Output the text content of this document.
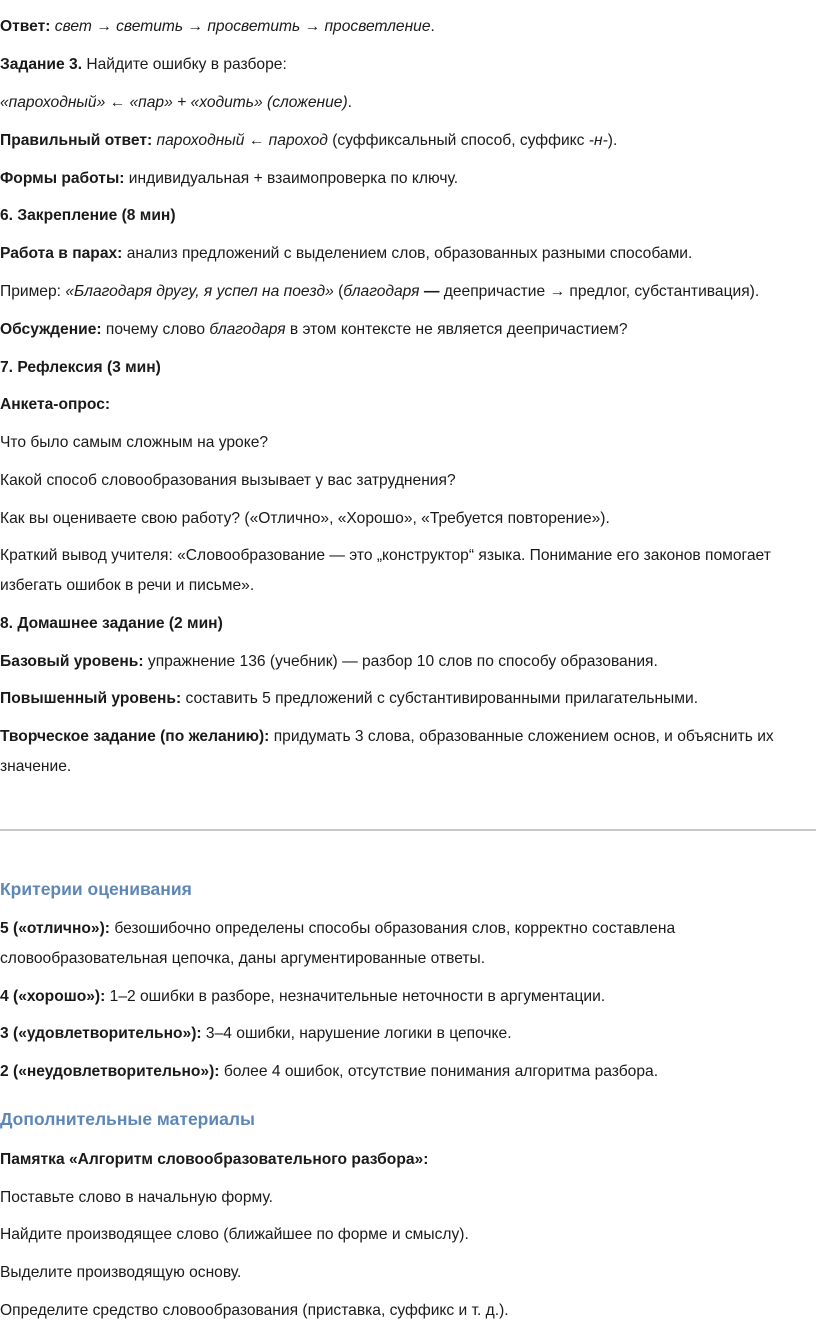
Ответ: свет → светить → просветить → просветление.

Задание 3. Найдите ошибку в разборе:

«пароходный» ← «пар» + «ходить» (сложение).

Правильный ответ: пароходный ← пароход (суффиксальный способ, суффикс -н-).

Формы работы: индивидуальная + взаимопроверка по ключу.

6. Закрепление (8 мин)

Работа в парах: анализ предложений с выделением слов, образованных разными способами.

Пример: «Благодаря другу, я успел на поезд» (благодаря — деепричастие → предлог, субстантивация).

Обсуждение: почему слово благодаря в этом контексте не является деепричастием?

7. Рефлексия (3 мин)

Анкета-опрос:

Что было самым сложным на уроке?

Какой способ словообразования вызывает у вас затруднения?

Как вы оцениваете свою работу? («Отлично», «Хорошо», «Требуется повторение»).

Краткий вывод учителя: «Словообразование — это „конструктор“ языка. Понимание его законов помогает избегать ошибок в речи и письме».

8. Домашнее задание (2 мин)

Базовый уровень: упражнение 136 (учебник) — разбор 10 слов по способу образования.

Повышенный уровень: составить 5 предложений с субстантивированными прилагательными.

Творческое задание (по желанию): придумать 3 слова, образованные сложением основ, и объяснить их значение.

Критерии оценивания

5 («отлично»): безошибочно определены способы образования слов, корректно составлена словообразовательная цепочка, даны аргументированные ответы.

4 («хорошо»): 1–2 ошибки в разборе, незначительные неточности в аргументации.

3 («удовлетворительно»): 3–4 ошибки, нарушение логики в цепочке.

2 («неудовлетворительно»): более 4 ошибок, отсутствие понимания алгоритма разбора.

Дополнительные материалы

Памятка «Алгоритм словообразовательного разбора»:

Поставьте слово в начальную форму.

Найдите производящее слово (ближайшее по форме и смыслу).

Выделите производящую основу.

Определите средство словообразования (приставка, суффикс и т. д.).
